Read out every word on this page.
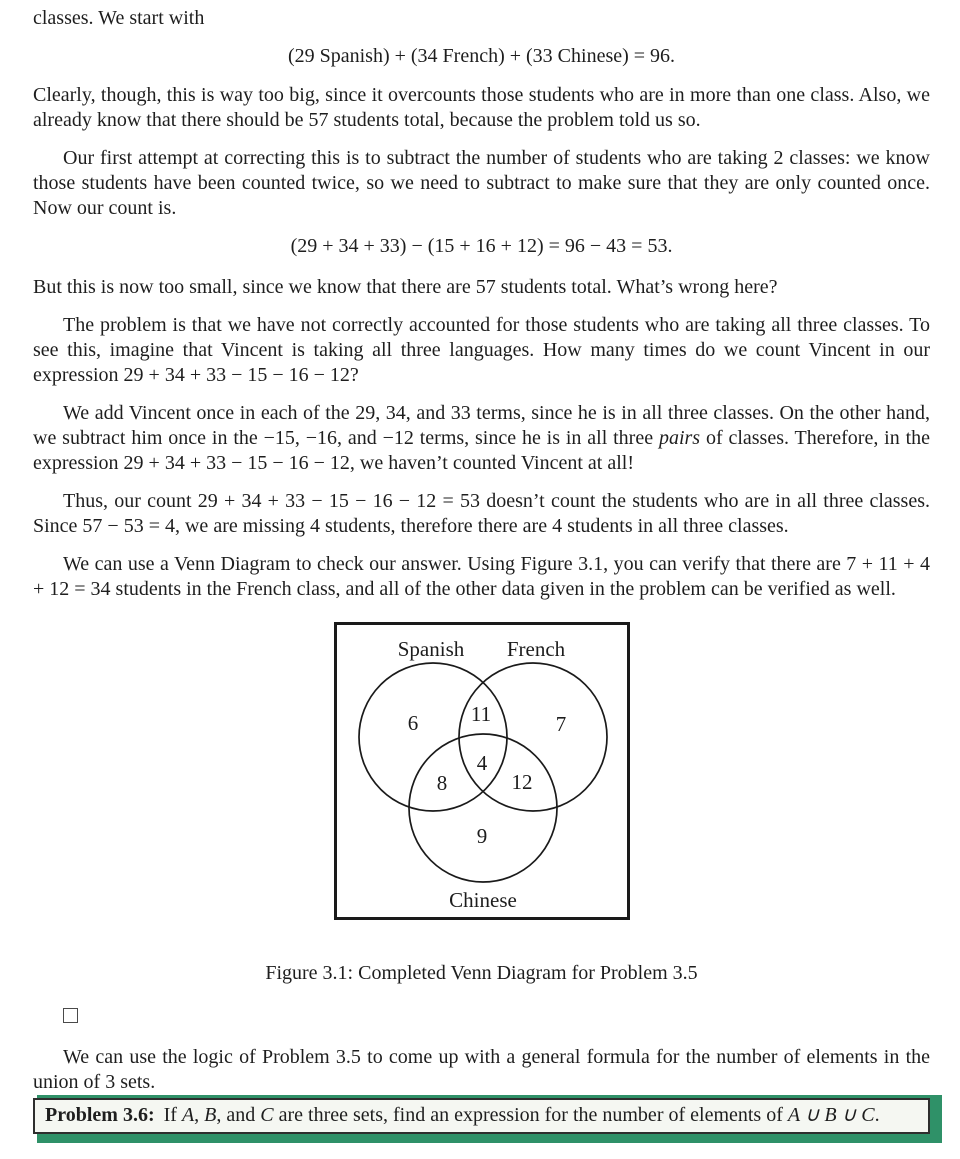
classes. We start with

(29 Spanish) + (34 French) + (33 Chinese) = 96.

Clearly, though, this is way too big, since it overcounts those students who are in more than one class. Also, we already know that there should be 57 students total, because the problem told us so.

Our first attempt at correcting this is to subtract the number of students who are taking 2 classes: we know those students have been counted twice, so we need to subtract to make sure that they are only counted once. Now our count is.

(29 + 34 + 33) − (15 + 16 + 12) = 96 − 43 = 53.

But this is now too small, since we know that there are 57 students total. What’s wrong here?

The problem is that we have not correctly accounted for those students who are taking all three classes. To see this, imagine that Vincent is taking all three languages. How many times do we count Vincent in our expression 29 + 34 + 33 − 15 − 16 − 12?

We add Vincent once in each of the 29, 34, and 33 terms, since he is in all three classes. On the other hand, we subtract him once in the −15, −16, and −12 terms, since he is in all three pairs of classes. Therefore, in the expression 29 + 34 + 33 − 15 − 16 − 12, we haven’t counted Vincent at all!

Thus, our count 29 + 34 + 33 − 15 − 16 − 12 = 53 doesn’t count the students who are in all three classes. Since 57 − 53 = 4, we are missing 4 students, therefore there are 4 students in all three classes.

We can use a Venn Diagram to check our answer. Using Figure 3.1, you can verify that there are 7 + 11 + 4 + 12 = 34 students in the French class, and all of the other data given in the problem can be verified as well.

Spanish French
Chinese
6	11	7
4
8	12
9

Figure 3.1: Completed Venn Diagram for Problem 3.5

We can use the logic of Problem 3.5 to come up with a general formula for the number of elements in the union of 3 sets.

Problem 3.6: If A, B, and C are three sets, find an expression for the number of elements of A ∪ B ∪ C.
